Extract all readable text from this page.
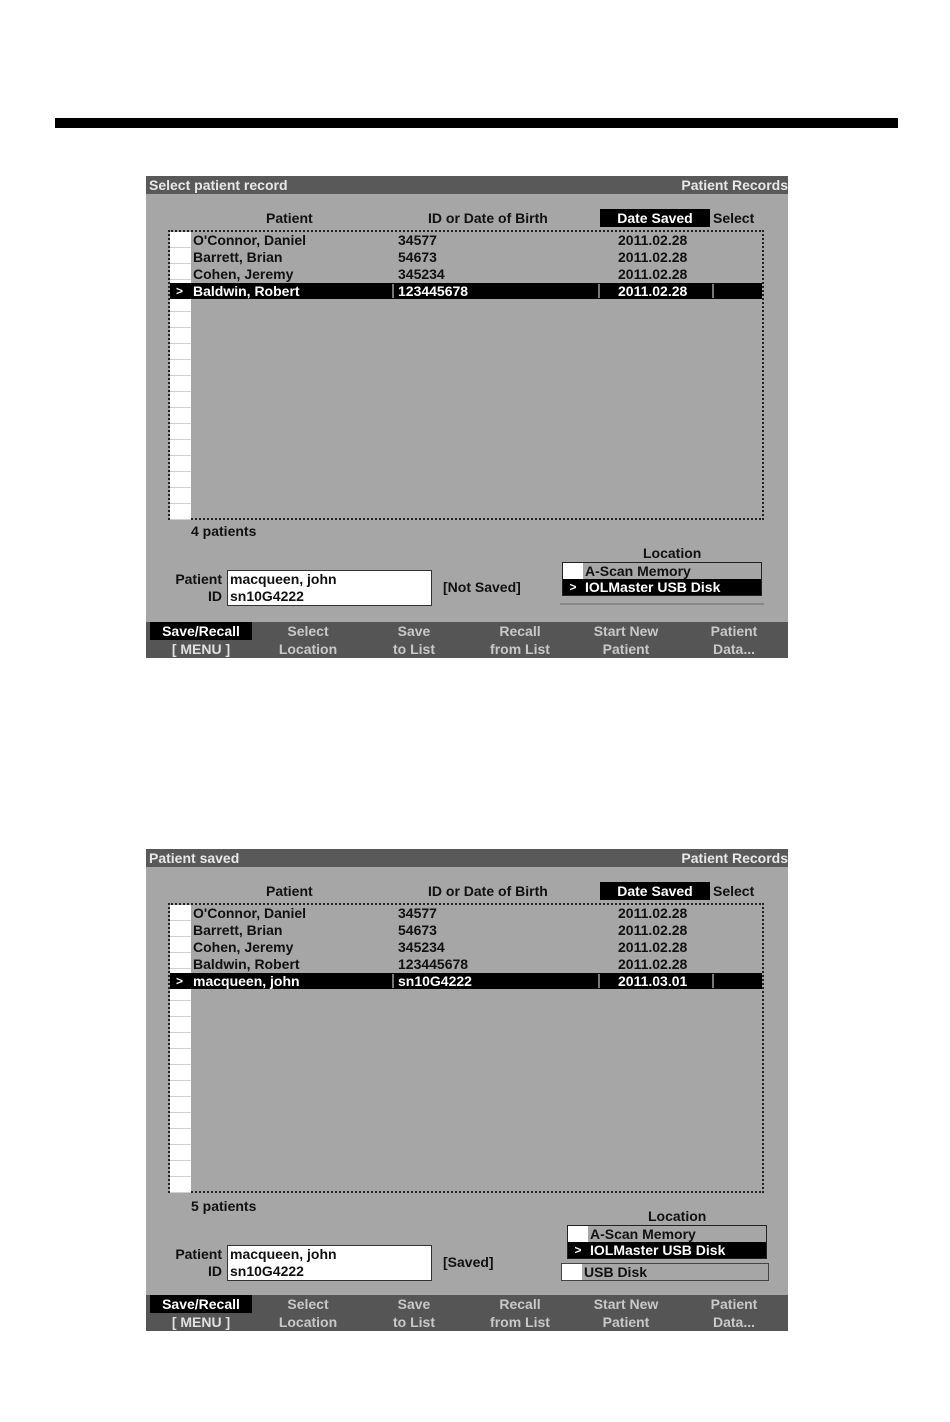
Select patient record	Patient Records
Patient	ID or Date of Birth	Date Saved	Select
O'Connor, Daniel	34577	2011.02.28
Barrett, Brian	54673	2011.02.28
Cohen, Jeremy	345234	2011.02.28
> Baldwin, Robert	123445678	2011.02.28
4 patients
Patient
ID
macqueen, john
sn10G4222
[Not Saved]
Location
A-Scan Memory
> IOLMaster USB Disk
Save/Recall
[ MENU ]
Select
Location
Save
to List
Recall
from List
Start New
Patient
Patient
Data...
Patient saved	Patient Records
Patient	ID or Date of Birth	Date Saved	Select
O'Connor, Daniel	34577	2011.02.28
Barrett, Brian	54673	2011.02.28
Cohen, Jeremy	345234	2011.02.28
Baldwin, Robert	123445678	2011.02.28
> macqueen, john	sn10G4222	2011.03.01
5 patients
Patient
ID
macqueen, john
sn10G4222
[Saved]
Location
A-Scan Memory
> IOLMaster USB Disk
USB Disk
Save/Recall
[ MENU ]
Select
Location
Save
to List
Recall
from List
Start New
Patient
Patient
Data...
